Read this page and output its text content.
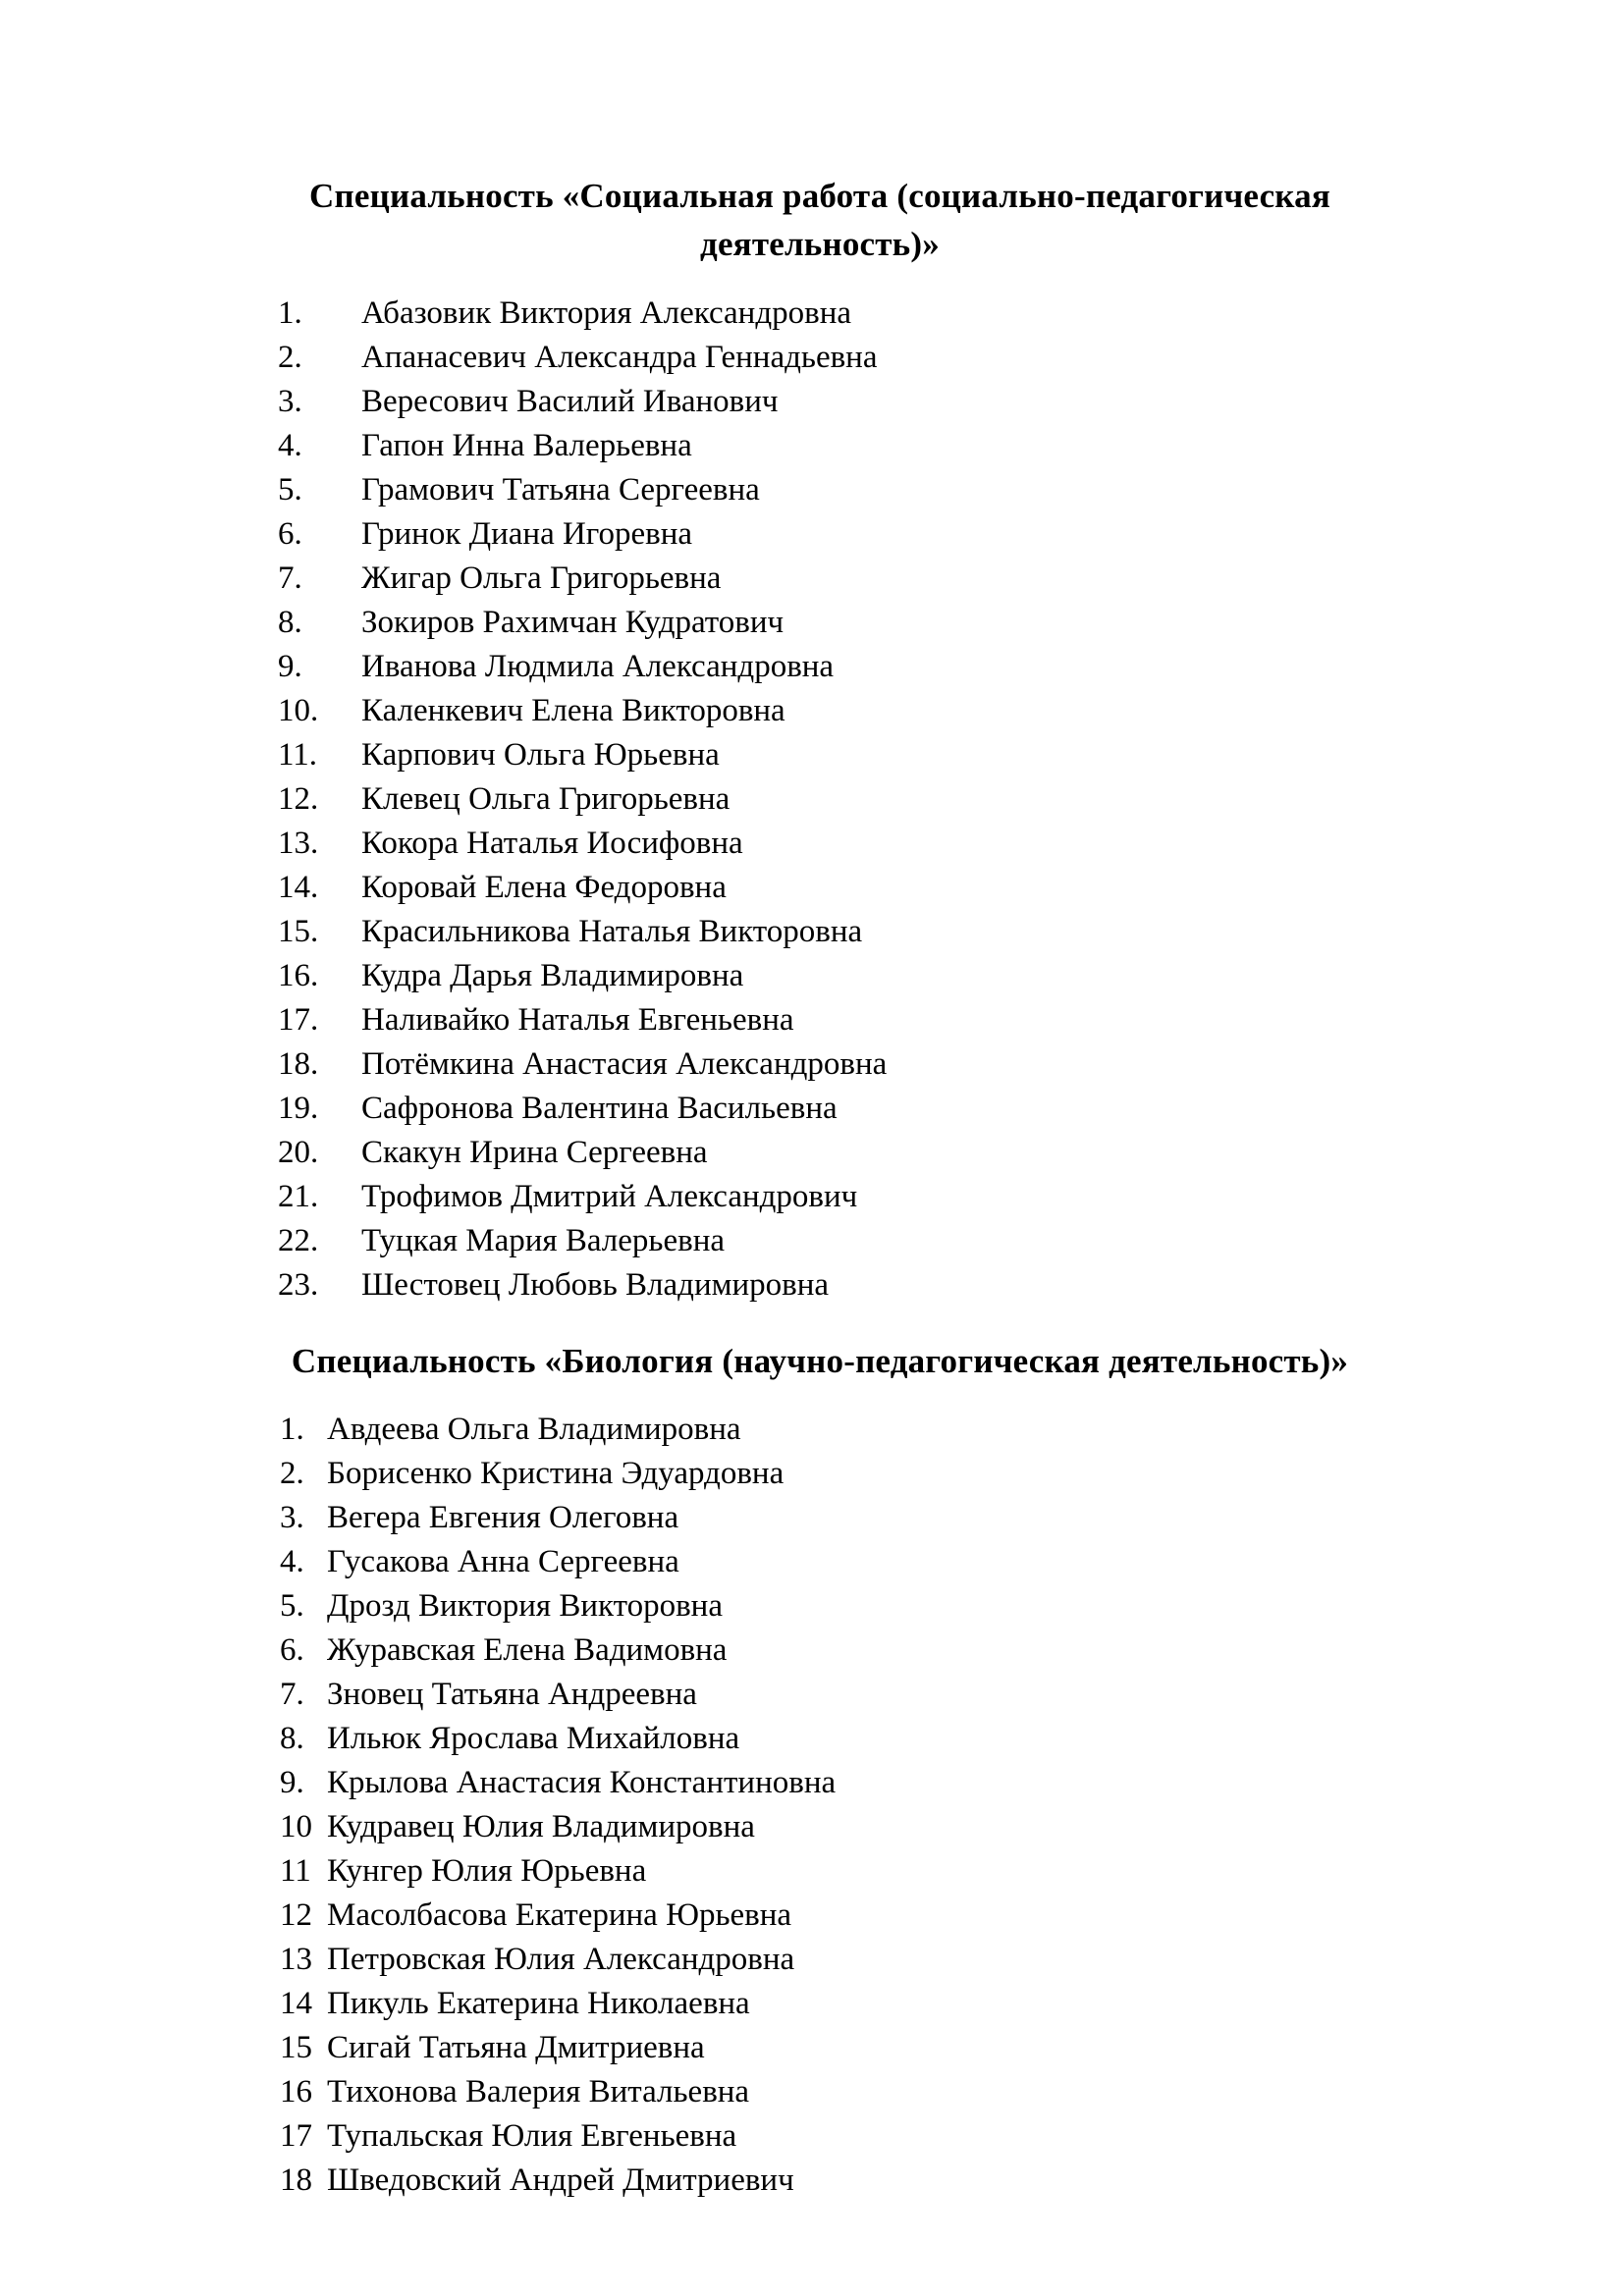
Специальность «Социальная работа (социально-педагогическая
деятельность)»
1.	Абазовик Виктория Александровна
2.	Апанасевич Александра Геннадьевна
3.	Вересович Василий Иванович
4.	Гапон Инна Валерьевна
5.	Грамович Татьяна Сергеевна
6.	Гринок Диана Игоревна
7.	Жигар Ольга Григорьевна
8.	Зокиров Рахимчан Кудратович
9.	Иванова Людмила Александровна
10.	Каленкевич Елена Викторовна
11.	Карпович Ольга Юрьевна
12.	Клевец Ольга Григорьевна
13.	Кокора Наталья Иосифовна
14.	Коровай Елена Федоровна
15.	Красильникова Наталья Викторовна
16.	Кудра Дарья Владимировна
17.	Наливайко Наталья Евгеньевна
18.	Потёмкина Анастасия Александровна
19.	Сафронова Валентина Васильевна
20.	Скакун Ирина Сергеевна
21.	Трофимов Дмитрий Александрович
22.	Туцкая Мария Валерьевна
23.	Шестовец Любовь Владимировна
Специальность «Биология (научно-педагогическая деятельность)»
1. Авдеева Ольга Владимировна
2. Борисенко Кристина Эдуардовна
3. Вегера Евгения Олеговна
4. Гусакова Анна Сергеевна
5. Дрозд Виктория Викторовна
6. Журавская Елена Вадимовна
7. Зновец Татьяна Андреевна
8. Ильюк Ярослава Михайловна
9. Крылова Анастасия Константиновна
10 Кудравец Юлия Владимировна
11 Кунгер Юлия Юрьевна
12 Масолбасова Екатерина Юрьевна
13 Петровская Юлия Александровна
14 Пикуль Екатерина Николаевна
15 Сигай Татьяна Дмитриевна
16 Тихонова Валерия Витальевна
17 Тупальская Юлия Евгеньевна
18 Шведовский Андрей Дмитриевич
